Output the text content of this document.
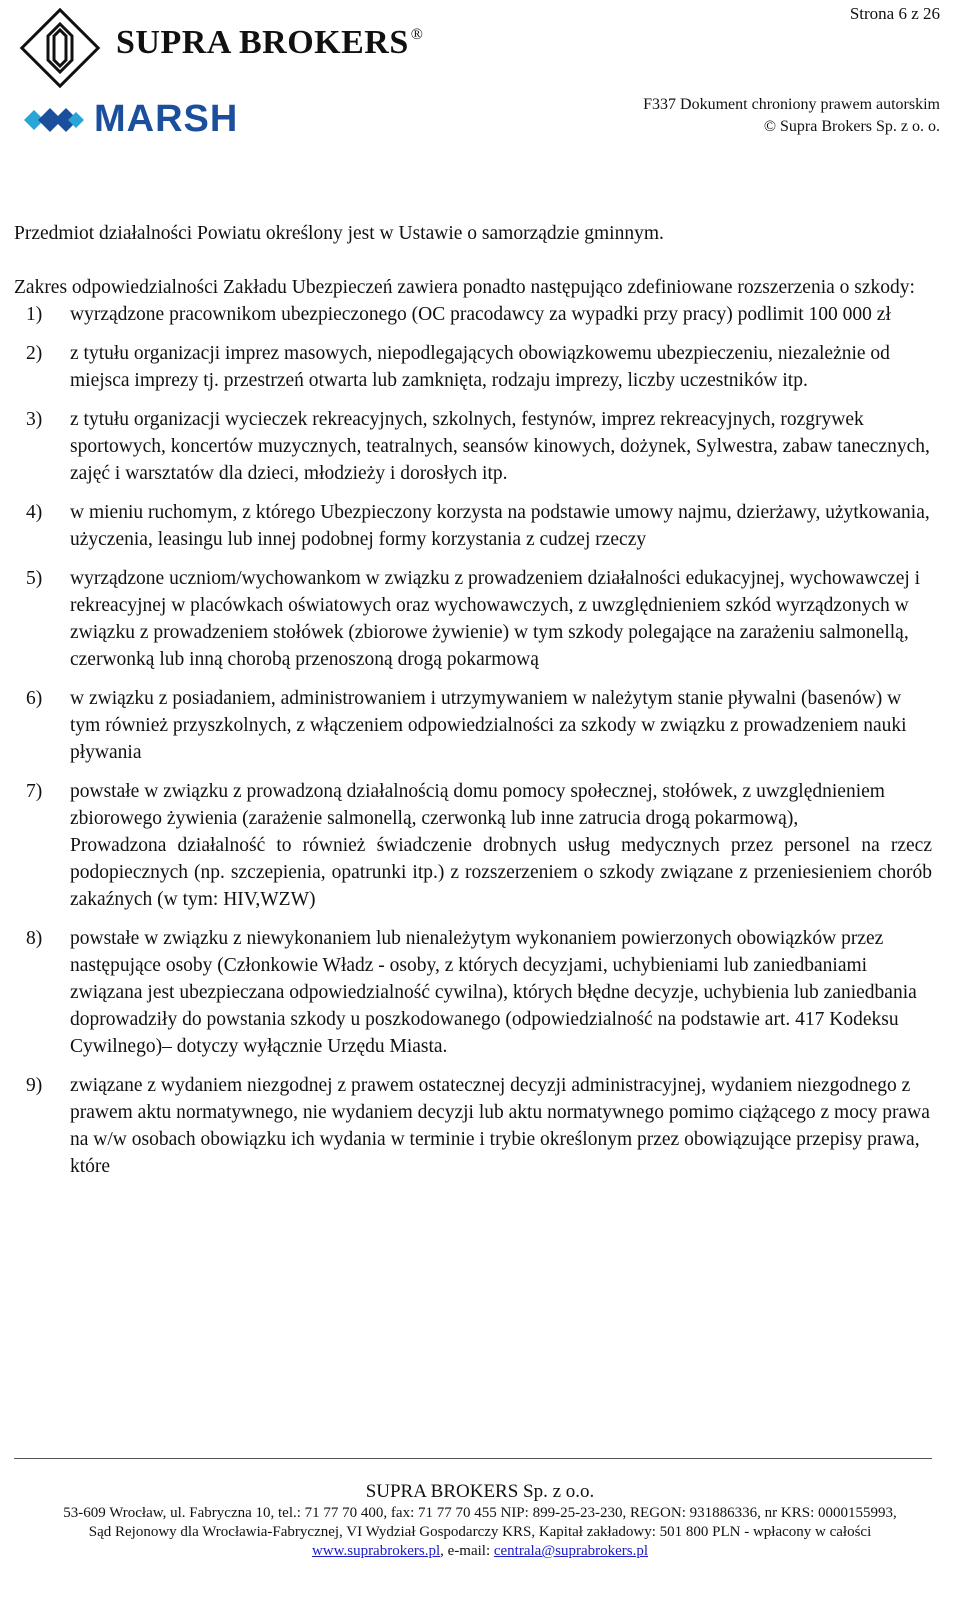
Strona 6 z 26
SUPRA BROKERS ®
MARSH	F337 Dokument chroniony prawem autorskim
© Supra Brokers Sp. z o. o.

Przedmiot działalności Powiatu określony jest w Ustawie o samorządzie gminnym.

Zakres odpowiedzialności Zakładu Ubezpieczeń zawiera ponadto następująco zdefiniowane rozszerzenia o szkody:

1)	wyrządzone pracownikom ubezpieczonego (OC pracodawcy za wypadki przy pracy) podlimit 100 000 zł
2)	z tytułu organizacji imprez masowych, niepodlegających obowiązkowemu ubezpieczeniu, niezależnie od miejsca imprezy tj. przestrzeń otwarta lub zamknięta, rodzaju imprezy, liczby uczestników itp.
3)	z tytułu organizacji wycieczek rekreacyjnych, szkolnych, festynów, imprez rekreacyjnych, rozgrywek sportowych, koncertów muzycznych, teatralnych, seansów kinowych, dożynek, Sylwestra, zabaw tanecznych, zajęć i warsztatów dla dzieci, młodzieży i dorosłych itp.
4)	w mieniu ruchomym, z którego Ubezpieczony korzysta na podstawie umowy najmu, dzierżawy, użytkowania, użyczenia, leasingu lub innej podobnej formy korzystania z cudzej rzeczy
5)	wyrządzone uczniom/wychowankom w związku z prowadzeniem działalności edukacyjnej, wychowawczej i rekreacyjnej w placówkach oświatowych oraz wychowawczych, z uwzględnieniem szkód wyrządzonych w związku z prowadzeniem stołówek (zbiorowe żywienie) w tym szkody polegające na zarażeniu salmonellą, czerwonką lub inną chorobą przenoszoną drogą pokarmową
6)	w związku z posiadaniem, administrowaniem i utrzymywaniem w należytym stanie pływalni (basenów) w tym również przyszkolnych, z włączeniem odpowiedzialności za szkody w związku z prowadzeniem nauki pływania
7)	powstałe w związku z prowadzoną działalnością domu pomocy społecznej, stołówek, z uwzględnieniem zbiorowego żywienia (zarażenie salmonellą, czerwonką lub inne zatrucia drogą pokarmową),
Prowadzona działalność to również świadczenie drobnych usług medycznych przez personel na rzecz podopiecznych (np. szczepienia, opatrunki itp.) z rozszerzeniem o szkody związane z przeniesieniem chorób zakaźnych (w tym: HIV,WZW)
8)	powstałe w związku z niewykonaniem lub nienależytym wykonaniem powierzonych obowiązków przez następujące osoby (Członkowie Władz - osoby, z których decyzjami, uchybieniami lub zaniedbaniami związana jest ubezpieczana odpowiedzialność cywilna), których błędne decyzje, uchybienia lub zaniedbania doprowadziły do powstania szkody u poszkodowanego (odpowiedzialność na podstawie art. 417 Kodeksu Cywilnego)– dotyczy wyłącznie Urzędu Miasta.
9)	związane z wydaniem niezgodnej z prawem ostatecznej decyzji administracyjnej, wydaniem niezgodnego z prawem aktu normatywnego, nie wydaniem decyzji lub aktu normatywnego pomimo ciążącego z mocy prawa na w/w osobach obowiązku ich wydania w terminie i trybie określonym przez obowiązujące przepisy prawa, które
SUPRA BROKERS Sp. z o.o.
53-609 Wrocław, ul. Fabryczna 10, tel.: 71 77 70 400, fax: 71 77 70 455 NIP: 899-25-23-230, REGON: 931886336, nr KRS: 0000155993,
Sąd Rejonowy dla Wrocławia-Fabrycznej, VI Wydział Gospodarczy KRS, Kapitał zakładowy: 501 800 PLN - wpłacony w całości
www.suprabrokers.pl, e-mail: centrala@suprabrokers.pl
